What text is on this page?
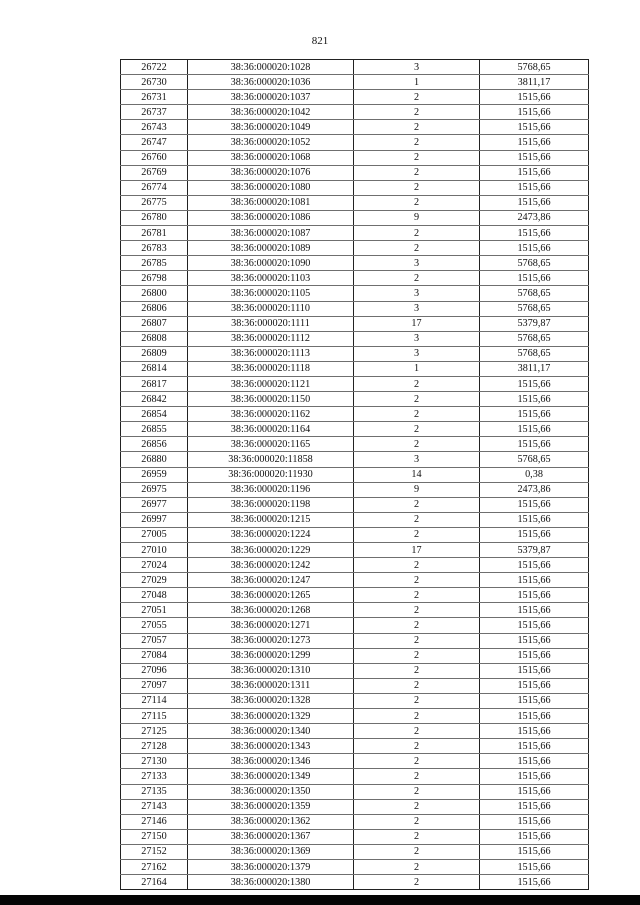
821
26722	38:36:000020:1028	3	5768,65
26730	38:36:000020:1036	1	3811,17
26731	38:36:000020:1037	2	1515,66
26737	38:36:000020:1042	2	1515,66
26743	38:36:000020:1049	2	1515,66
26747	38:36:000020:1052	2	1515,66
26760	38:36:000020:1068	2	1515,66
26769	38:36:000020:1076	2	1515,66
26774	38:36:000020:1080	2	1515,66
26775	38:36:000020:1081	2	1515,66
26780	38:36:000020:1086	9	2473,86
26781	38:36:000020:1087	2	1515,66
26783	38:36:000020:1089	2	1515,66
26785	38:36:000020:1090	3	5768,65
26798	38:36:000020:1103	2	1515,66
26800	38:36:000020:1105	3	5768,65
26806	38:36:000020:1110	3	5768,65
26807	38:36:000020:1111	17	5379,87
26808	38:36:000020:1112	3	5768,65
26809	38:36:000020:1113	3	5768,65
26814	38:36:000020:1118	1	3811,17
26817	38:36:000020:1121	2	1515,66
26842	38:36:000020:1150	2	1515,66
26854	38:36:000020:1162	2	1515,66
26855	38:36:000020:1164	2	1515,66
26856	38:36:000020:1165	2	1515,66
26880	38:36:000020:11858	3	5768,65
26959	38:36:000020:11930	14	0,38
26975	38:36:000020:1196	9	2473,86
26977	38:36:000020:1198	2	1515,66
26997	38:36:000020:1215	2	1515,66
27005	38:36:000020:1224	2	1515,66
27010	38:36:000020:1229	17	5379,87
27024	38:36:000020:1242	2	1515,66
27029	38:36:000020:1247	2	1515,66
27048	38:36:000020:1265	2	1515,66
27051	38:36:000020:1268	2	1515,66
27055	38:36:000020:1271	2	1515,66
27057	38:36:000020:1273	2	1515,66
27084	38:36:000020:1299	2	1515,66
27096	38:36:000020:1310	2	1515,66
27097	38:36:000020:1311	2	1515,66
27114	38:36:000020:1328	2	1515,66
27115	38:36:000020:1329	2	1515,66
27125	38:36:000020:1340	2	1515,66
27128	38:36:000020:1343	2	1515,66
27130	38:36:000020:1346	2	1515,66
27133	38:36:000020:1349	2	1515,66
27135	38:36:000020:1350	2	1515,66
27143	38:36:000020:1359	2	1515,66
27146	38:36:000020:1362	2	1515,66
27150	38:36:000020:1367	2	1515,66
27152	38:36:000020:1369	2	1515,66
27162	38:36:000020:1379	2	1515,66
27164	38:36:000020:1380	2	1515,66
